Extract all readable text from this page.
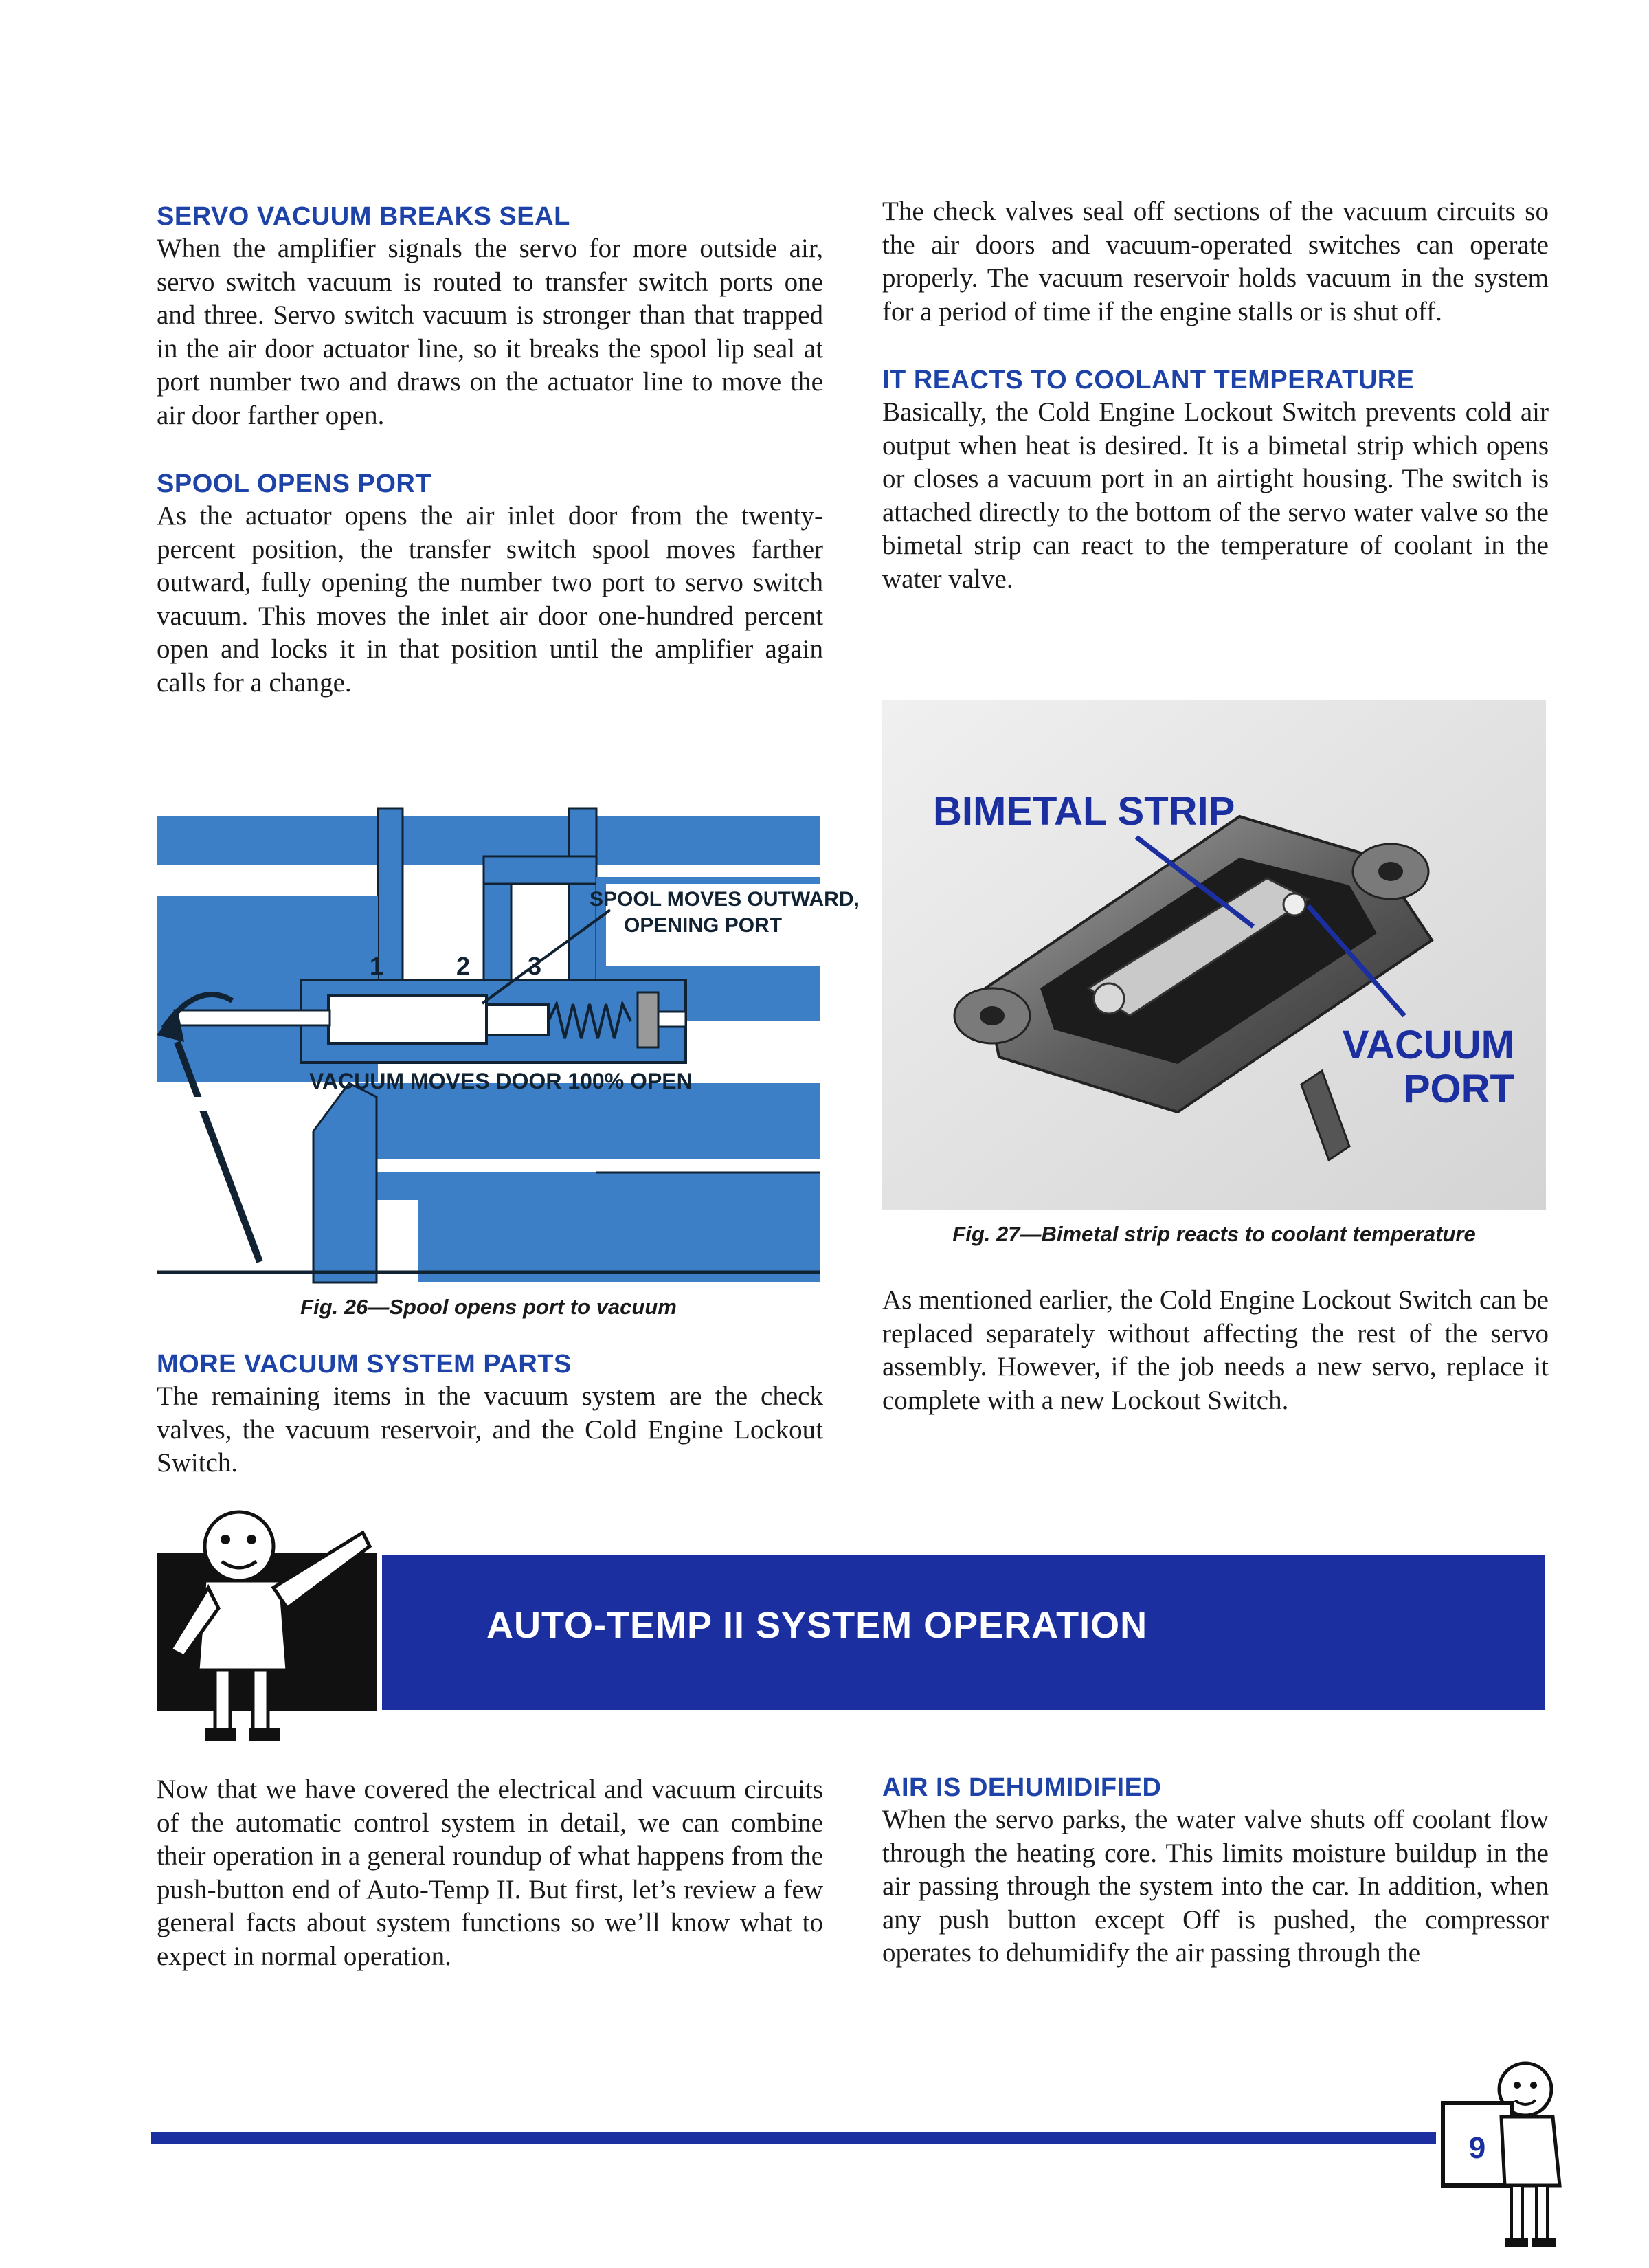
SERVO VACUUM BREAKS SEAL

When the amplifier signals the servo for more outside air, servo switch vacuum is routed to transfer switch ports one and three. Servo switch vacuum is stronger than that trapped in the air door actuator line, so it breaks the spool lip seal at port number two and draws on the actuator line to move the air door farther open.

SPOOL OPENS PORT

As the actuator opens the air inlet door from the twenty-percent position, the transfer switch spool moves farther outward, fully opening the number two port to servo switch vacuum. This moves the inlet air door one-hundred percent open and locks it in that position until the amplifier again calls for a change.

SPOOL MOVES OUTWARD,
OPENING PORT
1	2 3
VACUUM MOVES DOOR 100% OPEN
Fig. 26—Spool opens port to vacuum
MORE VACUUM SYSTEM PARTS

The remaining items in the vacuum system are the check valves, the vacuum reservoir, and the Cold Engine Lockout Switch.

The check valves seal off sections of the vacuum circuits so the air doors and vacuum-operated switches can operate properly. The vacuum reservoir holds vacuum in the system for a period of time if the engine stalls or is shut off.

IT REACTS TO COOLANT TEMPERATURE

Basically, the Cold Engine Lockout Switch prevents cold air output when heat is desired. It is a bimetal strip which opens or closes a vacuum port in an airtight housing. The switch is attached directly to the bottom of the servo water valve so the bimetal strip can react to the temperature of coolant in the water valve.

BIMETAL STRIP
VACUUM
PORT
Fig. 27—Bimetal strip reacts to coolant temperature

As mentioned earlier, the Cold Engine Lockout Switch can be replaced separately without affecting the rest of the servo assembly. However, if the job needs a new servo, replace it complete with a new Lockout Switch.

AUTO-TEMP II SYSTEM OPERATION

Now that we have covered the electrical and vacuum circuits of the automatic control system in detail, we can combine their operation in a general roundup of what happens from the push-button end of Auto-Temp II. But first, let’s review a few general facts about system functions so we’ll know what to expect in normal operation.

AIR IS DEHUMIDIFIED

When the servo parks, the water valve shuts off coolant flow through the heating core. This limits moisture buildup in the air passing through the system into the car. In addition, when any push button except Off is pushed, the compressor operates to dehumidify the air passing through the

9
